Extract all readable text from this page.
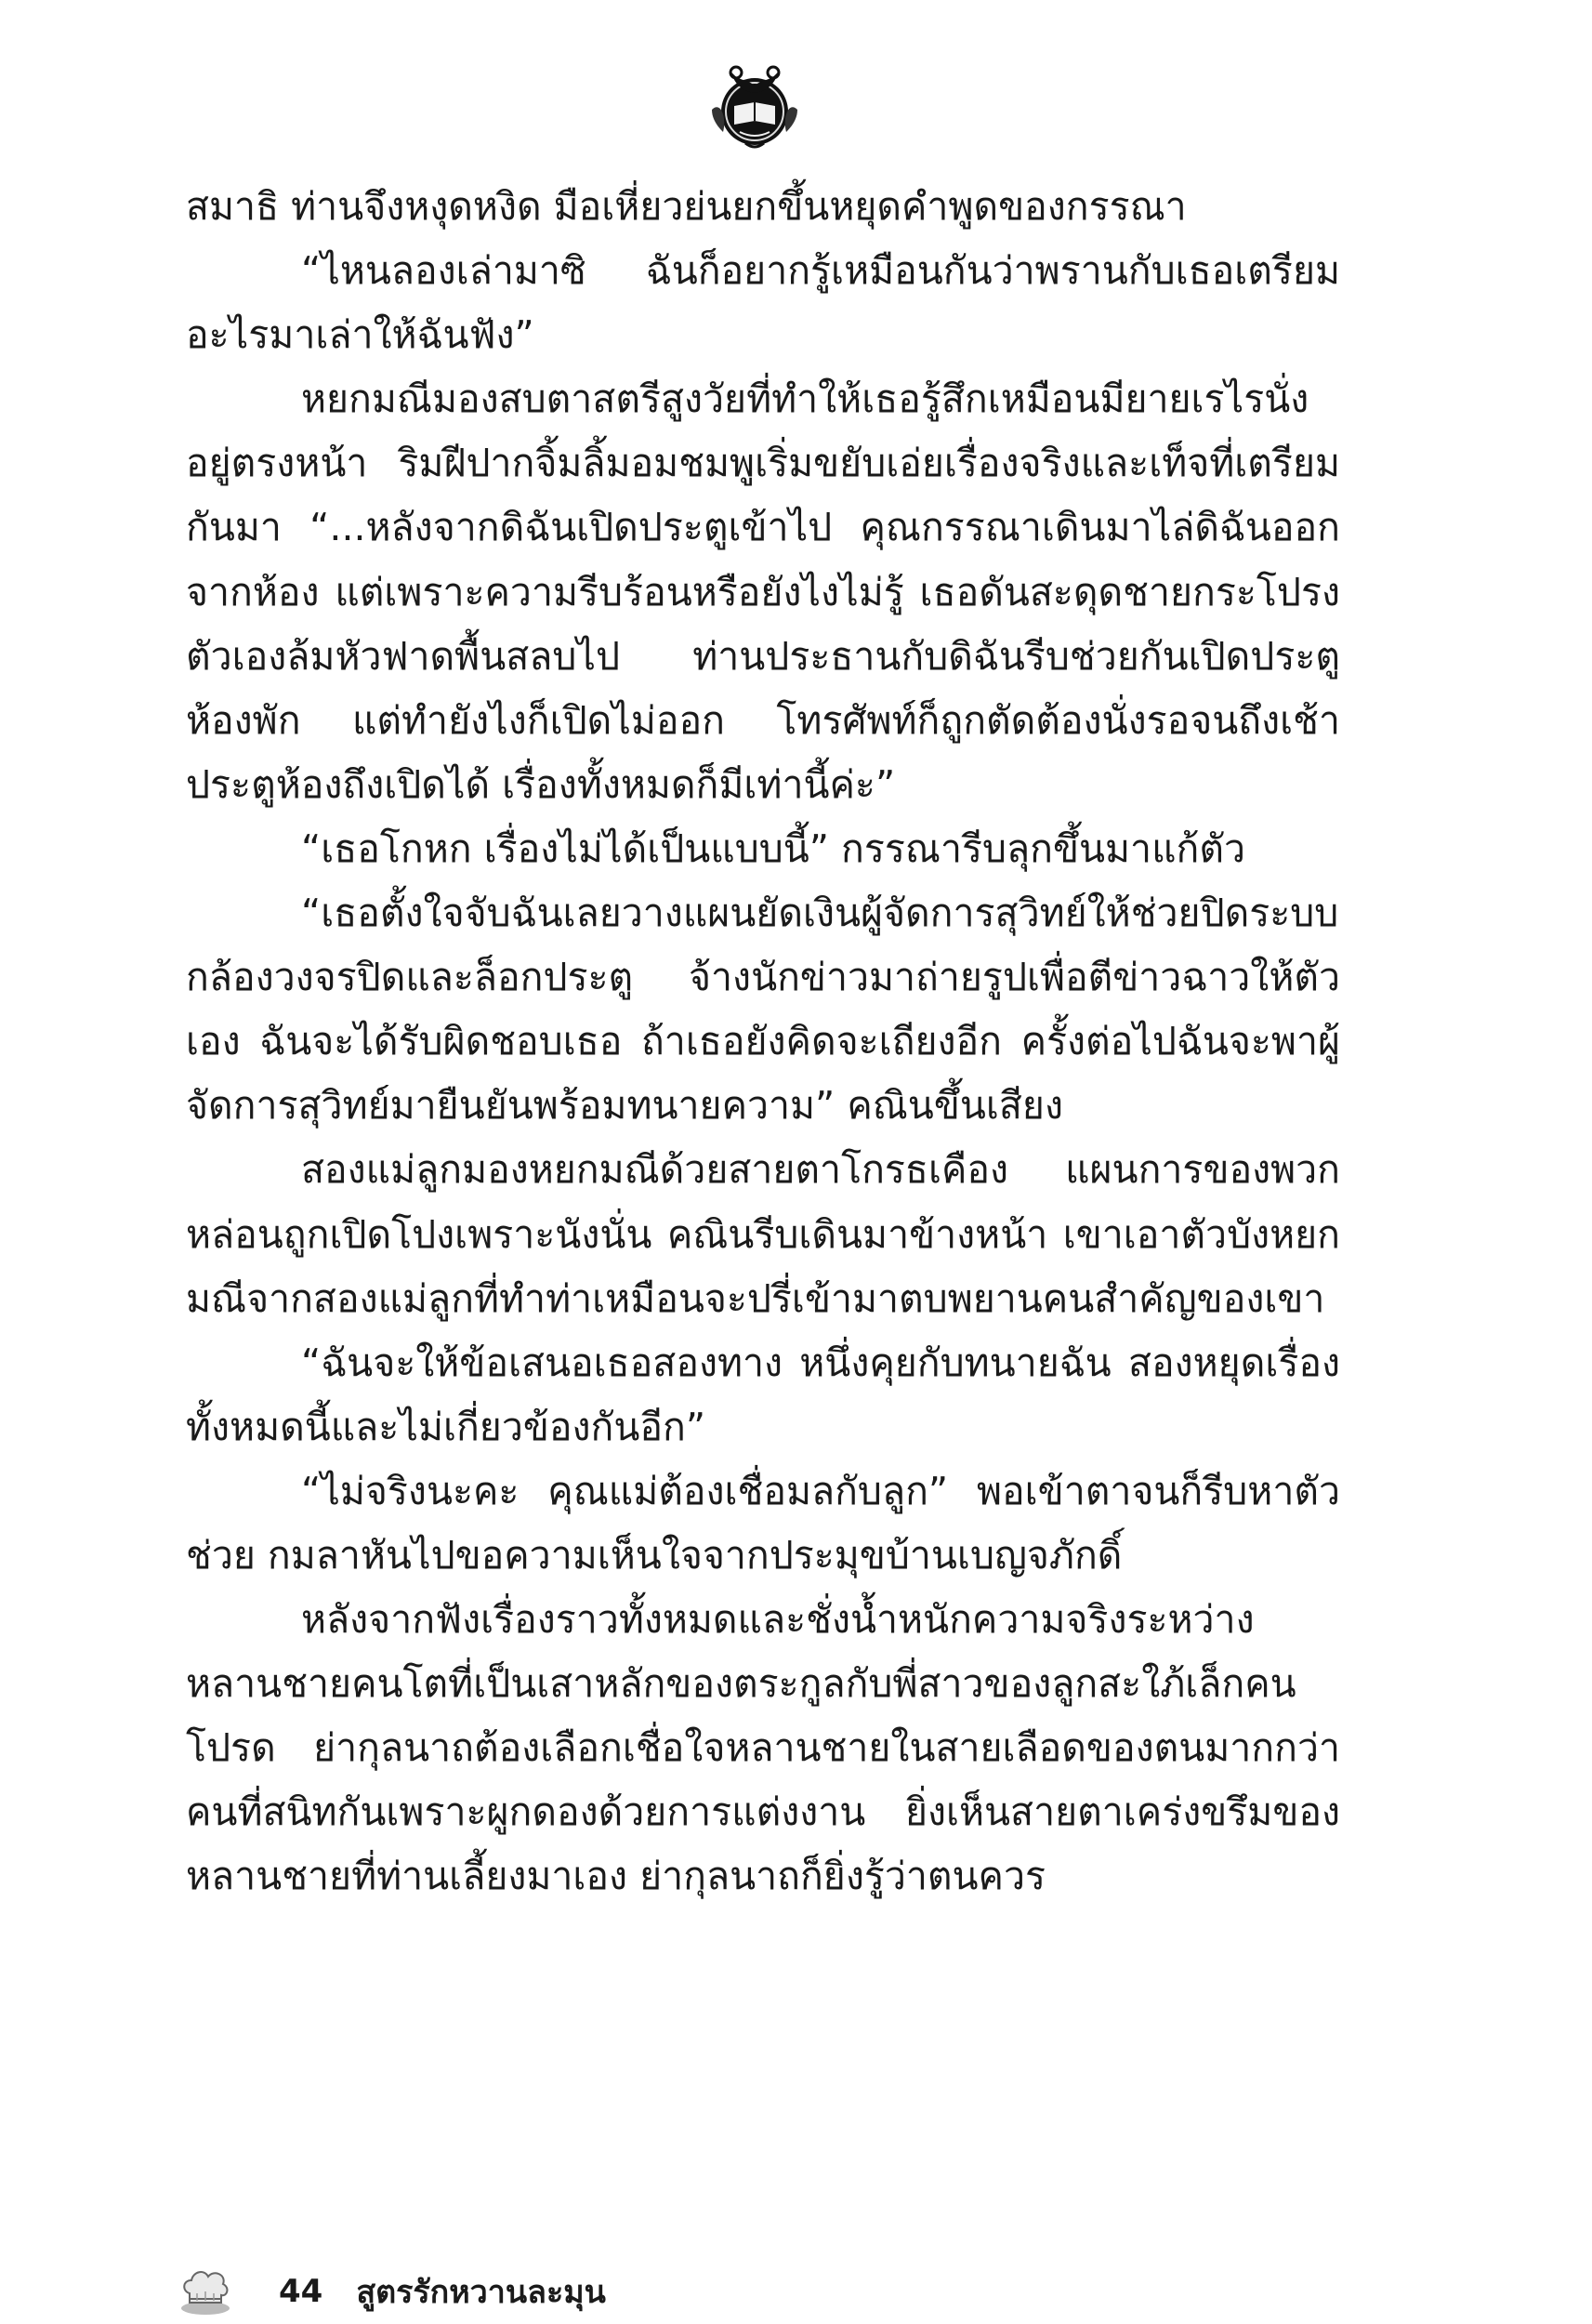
สมาธิ ท่านจึงหงุดหงิด มือเหี่ยวย่นยกขึ้นหยุดคำพูดของกรรณา

“ไหนลองเล่ามาซิ ฉันก็อยากรู้เหมือนกันว่าพรานกับเธอเตรียมอะไรมาเล่าให้ฉันฟัง”

หยกมณีมองสบตาสตรีสูงวัยที่ทำให้เธอรู้สึกเหมือนมียายเรไรนั่งอยู่ตรงหน้า ริมฝีปากจิ้มลิ้มอมชมพูเริ่มขยับเอ่ยเรื่องจริงและเท็จที่เตรียมกันมา “...หลังจากดิฉันเปิดประตูเข้าไป คุณกรรณาเดินมาไล่ดิฉันออกจากห้อง แต่เพราะความรีบร้อนหรือยังไงไม่รู้ เธอดันสะดุดชายกระโปรงตัวเองล้มหัวฟาดพื้นสลบไป ท่านประธานกับดิฉันรีบช่วยกันเปิดประตูห้องพัก แต่ทำยังไงก็เปิดไม่ออก โทรศัพท์ก็ถูกตัดต้องนั่งรอจนถึงเช้า ประตูห้องถึงเปิดได้ เรื่องทั้งหมดก็มีเท่านี้ค่ะ”

“เธอโกหก เรื่องไม่ได้เป็นแบบนี้” กรรณารีบลุกขึ้นมาแก้ตัว

“เธอตั้งใจจับฉันเลยวางแผนยัดเงินผู้จัดการสุวิทย์ให้ช่วยปิดระบบกล้องวงจรปิดและล็อกประตู จ้างนักข่าวมาถ่ายรูปเพื่อตีข่าวฉาวให้ตัวเอง ฉันจะได้รับผิดชอบเธอ ถ้าเธอยังคิดจะเถียงอีก ครั้งต่อไปฉันจะพาผู้จัดการสุวิทย์มายืนยันพร้อมทนายความ” คณินขึ้นเสียง

สองแม่ลูกมองหยกมณีด้วยสายตาโกรธเคือง แผนการของพวกหล่อนถูกเปิดโปงเพราะนังนั่น คณินรีบเดินมาข้างหน้า เขาเอาตัวบังหยกมณีจากสองแม่ลูกที่ทำท่าเหมือนจะปรี่เข้ามาตบพยานคนสำคัญของเขา

“ฉันจะให้ข้อเสนอเธอสองทาง หนึ่งคุยกับทนายฉัน สองหยุดเรื่องทั้งหมดนี้และไม่เกี่ยวข้องกันอีก”

“ไม่จริงนะคะ คุณแม่ต้องเชื่อมลกับลูก” พอเข้าตาจนก็รีบหาตัวช่วย กมลาหันไปขอความเห็นใจจากประมุขบ้านเบญจภักดิ์

หลังจากฟังเรื่องราวทั้งหมดและชั่งน้ำหนักความจริงระหว่างหลานชายคนโตที่เป็นเสาหลักของตระกูลกับพี่สาวของลูกสะใภ้เล็กคนโปรด ย่ากุลนาถต้องเลือกเชื่อใจหลานชายในสายเลือดของตนมากกว่าคนที่สนิทกันเพราะผูกดองด้วยการแต่งงาน ยิ่งเห็นสายตาเคร่งขรึมของหลานชายที่ท่านเลี้ยงมาเอง ย่ากุลนาถก็ยิ่งรู้ว่าตนควร

44 สูตรรักหวานละมุน
